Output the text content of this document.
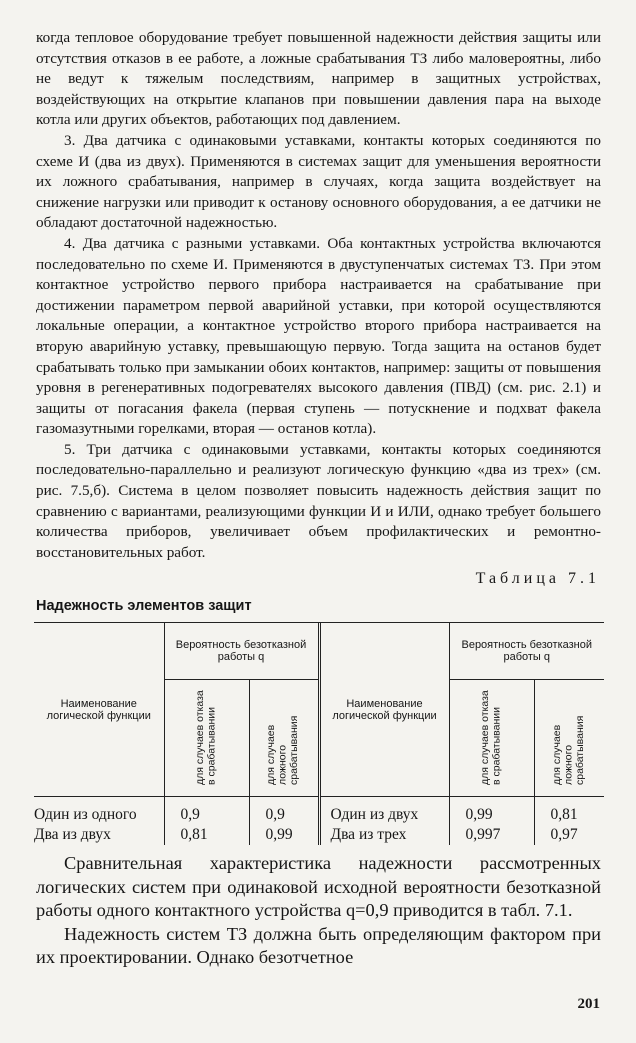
когда тепловое оборудование требует повышенной надежности действия защиты или отсутствия отказов в ее работе, а ложные срабатывания ТЗ либо маловероятны, либо не ведут к тяжелым последствиям, например в защитных устройствах, воздействующих на открытие клапанов при повышении давления пара на выходе котла или других объектов, работающих под давлением.

3. Два датчика с одинаковыми уставками, контакты которых соединяются по схеме И (два из двух). Применяются в системах защит для уменьшения вероятности их ложного срабатывания, например в случаях, когда защита воздействует на снижение нагрузки или приводит к останову основного оборудования, а ее датчики не обладают достаточной надежностью.

4. Два датчика с разными уставками. Оба контактных устройства включаются последовательно по схеме И. Применяются в двуступенчатых системах ТЗ. При этом контактное устройство первого прибора настраивается на срабатывание при достижении параметром первой аварийной уставки, при которой осуществляются локальные операции, а контактное устройство второго прибора настраивается на вторую аварийную уставку, превышающую первую. Тогда защита на останов будет срабатывать только при замыкании обоих контактов, например: защиты от повышения уровня в регенеративных подогревателях высокого давления (ПВД) (см. рис. 2.1) и защиты от погасания факела (первая ступень — потускнение и подхват факела газомазутными горелками, вторая — останов котла).

5. Три датчика с одинаковыми уставками, контакты которых соединяются последовательно-параллельно и реализуют логическую функцию «два из трех» (см. рис. 7.5,б). Система в целом позволяет повысить надежность действия защит по сравнению с вариантами, реализующими функции И и ИЛИ, однако требует большего количества приборов, увеличивает объем профилактических и ремонтно-восстановительных работ.

Таблица 7.1
Надежность элементов защит

Наименование логической функции	Вероятность безотказной работы q		Наименование логической функции	Вероятность безотказной работы q	
	для случаев отказа в срабатывании	для случаев ложного срабатывания		для случаев отказа в срабатывании	для случаев ложного срабатывания

Один из одного	0,9	0,9	Один из двух	0,99	0,81
Два из двух	0,81	0,99	Два из трех	0,997	0,97

Сравнительная характеристика надежности рассмотренных логических систем при одинаковой исходной вероятности безотказной работы одного контактного устройства q=0,9 приводится в табл. 7.1.

Надежность систем ТЗ должна быть определяющим фактором при их проектировании. Однако безотчетное

201
